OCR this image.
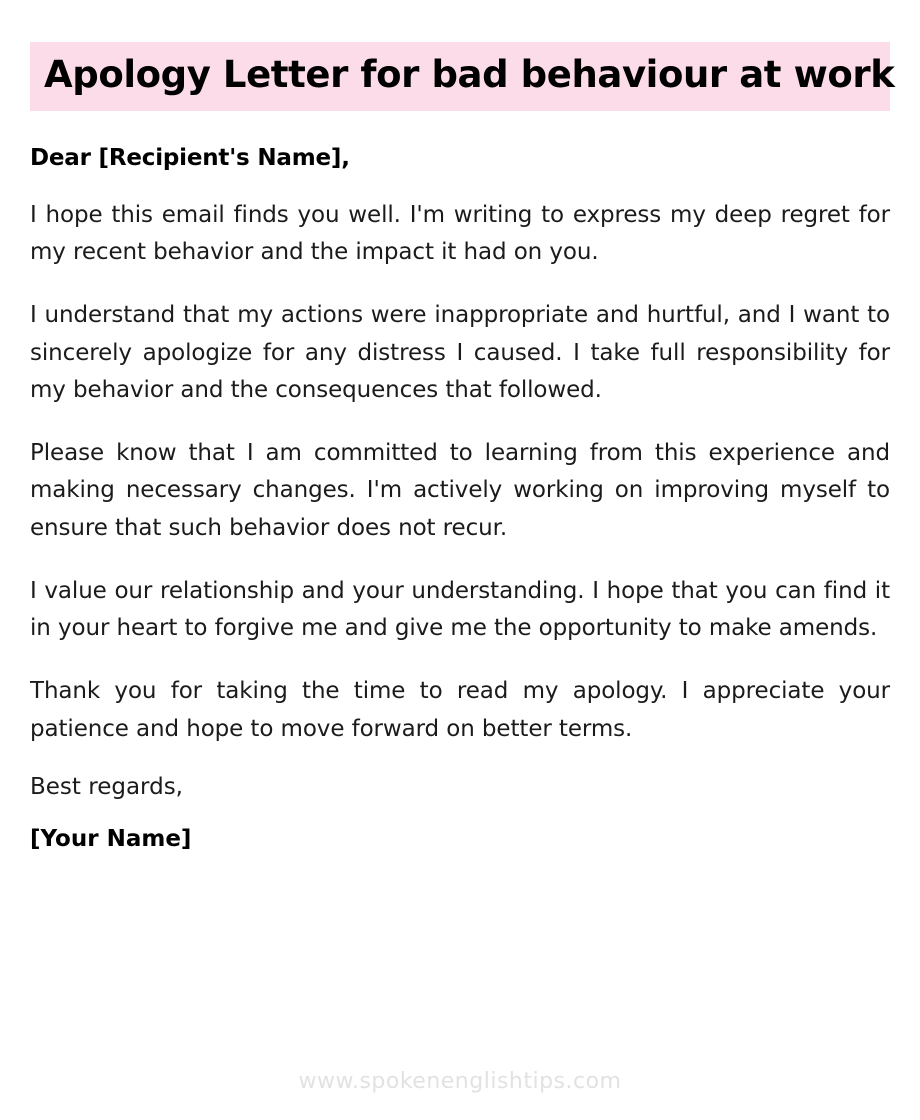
Apology Letter for bad behaviour at work
Dear [Recipient's Name],

I hope this email finds you well. I'm writing to express my deep regret for my recent behavior and the impact it had on you.

I understand that my actions were inappropriate and hurtful, and I want to sincerely apologize for any distress I caused. I take full responsibility for my behavior and the consequences that followed.

Please know that I am committed to learning from this experience and making necessary changes. I'm actively working on improving myself to ensure that such behavior does not recur.

I value our relationship and your understanding. I hope that you can find it in your heart to forgive me and give me the opportunity to make amends.

Thank you for taking the time to read my apology. I appreciate your patience and hope to move forward on better terms.

Best regards,
[Your Name]
www.spokenenglishtips.com
